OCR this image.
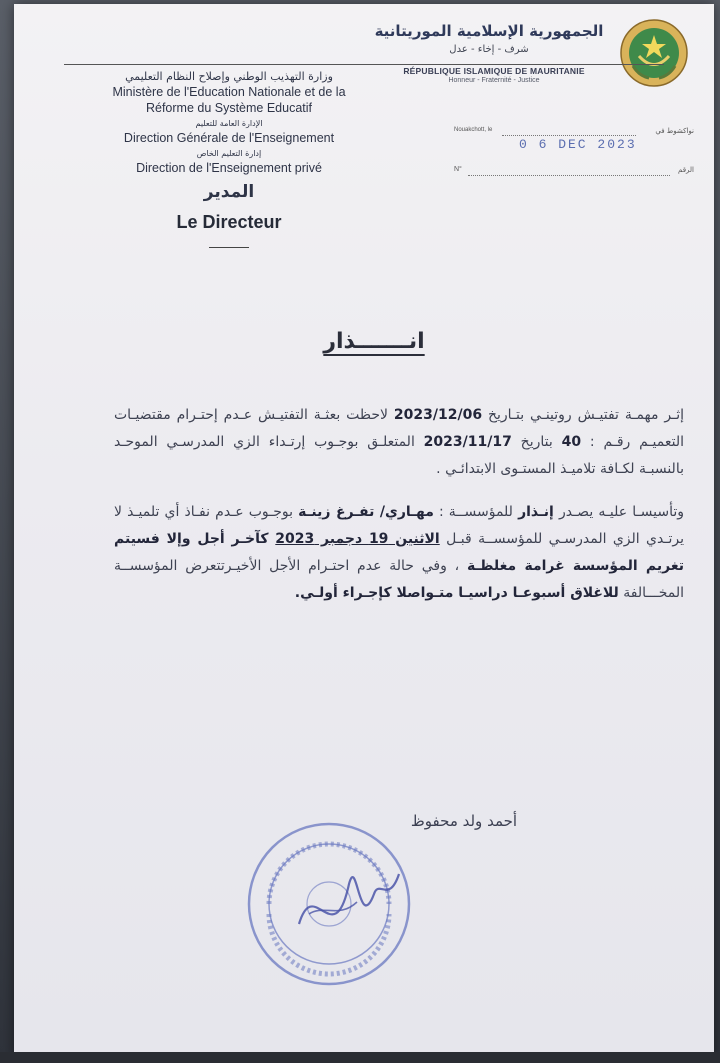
الجمهورية الإسلامية الموريتانية
شرف - إخاء - عدل
RÉPUBLIQUE ISLAMIQUE DE MAURITANIE
Honneur - Fraternité - Justice
وزارة التهذيب الوطني وإصلاح النظام التعليمي
Ministère de l'Education Nationale et de la
Réforme du Système Educatif
الإدارة العامة للتعليم
Direction Générale de l'Enseignement
إدارة التعليم الخاص
Direction de l'Enseignement privé
المدير
Le Directeur
Nouakchott, le	نواكشوط في
0 6 DEC 2023
N°	الرقم
انـــــــذار

إثـر مهمـة تفتيـش روتينـي بتـاريخ 2023/12/06 لاحظت بعثـة التفتيـش عـدم إحتـرام مقتضيـات التعميـم رقـم : 40 بتاريخ 2023/11/17 المتعلـق بوجـوب إرتـداء الزي المدرسـي الموحـد بالنسبـة لكـافة تلاميـذ المستـوى الابتدائـي .

وتأسيسـا عليـه يصـدر إنـذار للمؤسســة : مهـاري/ تفـرغ زينـة بوجـوب عـدم نفـاذ أي تلميـذ لا يرتـدي الزي المدرسـي للمؤسســة قبـل الاثنين 19 دجمبر 2023 كآخـر أجل وإلا فسيتم تغريم المؤسسة غرامة مغلظـة ، وفي حالة عدم احتـرام الأجل الأخيـرتتعرض المؤسســة المخـــالفة للاغلاق أسبوعـا دراسيـا متـواصلا كإجـراء أولـي.

أحمد ولد محفوظ
